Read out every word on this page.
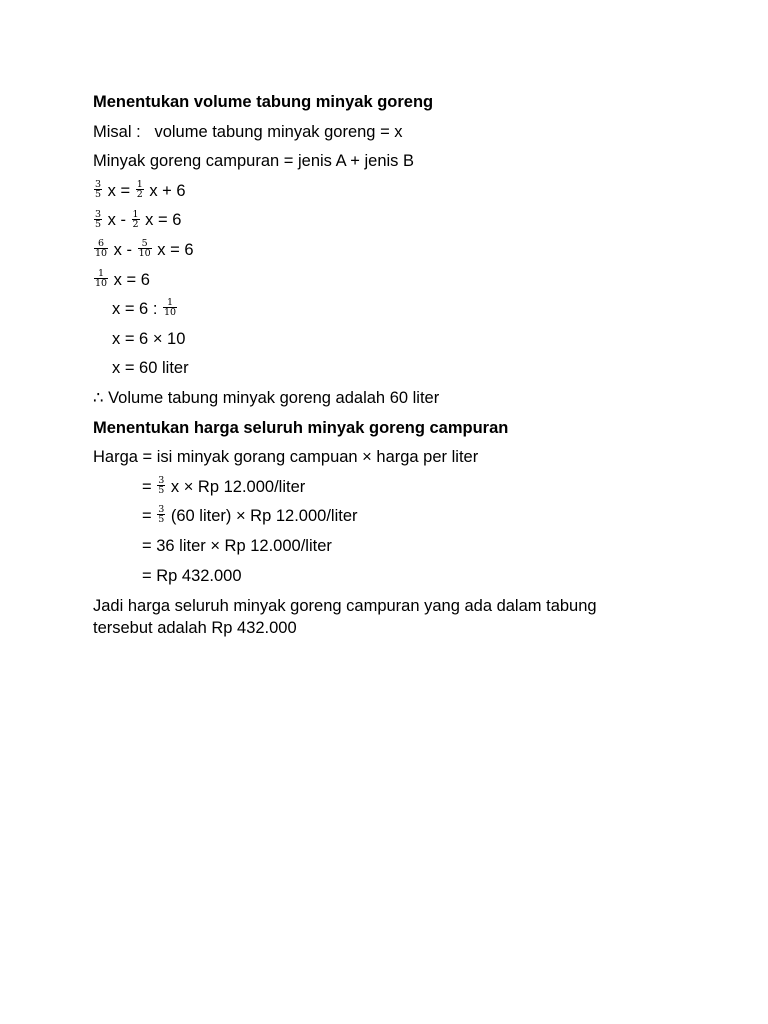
Menentukan volume tabung minyak goreng
Misal : volume tabung minyak goreng = x
Minyak goreng campuran = jenis A + jenis B
$\frac{3}{5}$ $x = \frac{1}{2}$ x + 6
$\frac{3}{5}$ x - $\frac{1}{2}$ x = 6
$\frac{6}{10}$ x - $\frac{5}{10}$ x = 6
$\frac{1}{10}$ x = 6
x = 6 : $\frac{1}{10}$
x = 6 × 10
x = 60 liter
∴ Volume tabung minyak goreng adalah 60 liter
Menentukan harga seluruh minyak goreng campuran
Harga = isi minyak gorang campuan × harga per liter
= $\frac{3}{5}$ x × Rp 12.000/liter
= $\frac{3}{5} (60$ liter) × Rp 12.000/liter
= 36 liter × Rp 12.000/liter
= Rp 432.000
Jadi harga seluruh minyak goreng campuran yang ada dalam tabung
tersebut adalah Rp 432.000
